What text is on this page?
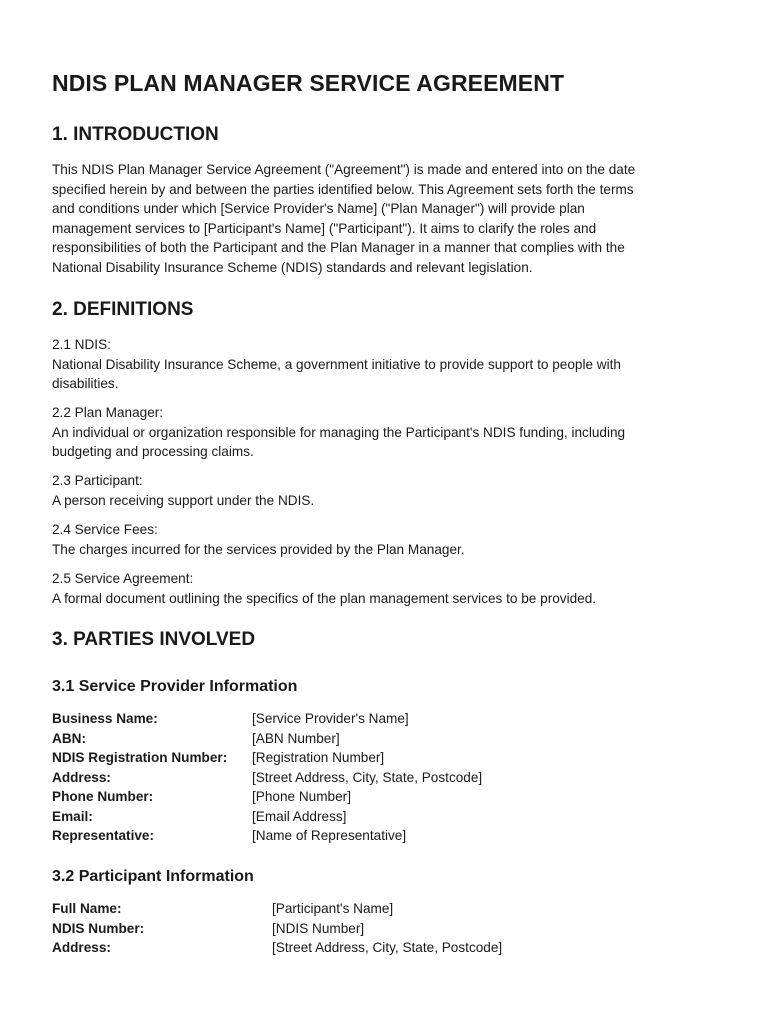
NDIS PLAN MANAGER SERVICE AGREEMENT
1. INTRODUCTION
This NDIS Plan Manager Service Agreement ("Agreement") is made and entered into on the date
specified herein by and between the parties identified below. This Agreement sets forth the terms
and conditions under which [Service Provider's Name] ("Plan Manager") will provide plan
management services to [Participant's Name] ("Participant"). It aims to clarify the roles and
responsibilities of both the Participant and the Plan Manager in a manner that complies with the
National Disability Insurance Scheme (NDIS) standards and relevant legislation.
2. DEFINITIONS
2.1 NDIS:
National Disability Insurance Scheme, a government initiative to provide support to people with
disabilities.
2.2 Plan Manager:
An individual or organization responsible for managing the Participant's NDIS funding, including
budgeting and processing claims.
2.3 Participant:
A person receiving support under the NDIS.
2.4 Service Fees:
The charges incurred for the services provided by the Plan Manager.
2.5 Service Agreement:
A formal document outlining the specifics of the plan management services to be provided.
3. PARTIES INVOLVED
3.1 Service Provider Information
Business Name:	[Service Provider's Name]
ABN:	[ABN Number]
NDIS Registration Number:	[Registration Number]
Address:	[Street Address, City, State, Postcode]
Phone Number:	[Phone Number]
Email:	[Email Address]
Representative:	[Name of Representative]
3.2 Participant Information
Full Name:	[Participant's Name]
NDIS Number:	[NDIS Number]
Address:	[Street Address, City, State, Postcode]
